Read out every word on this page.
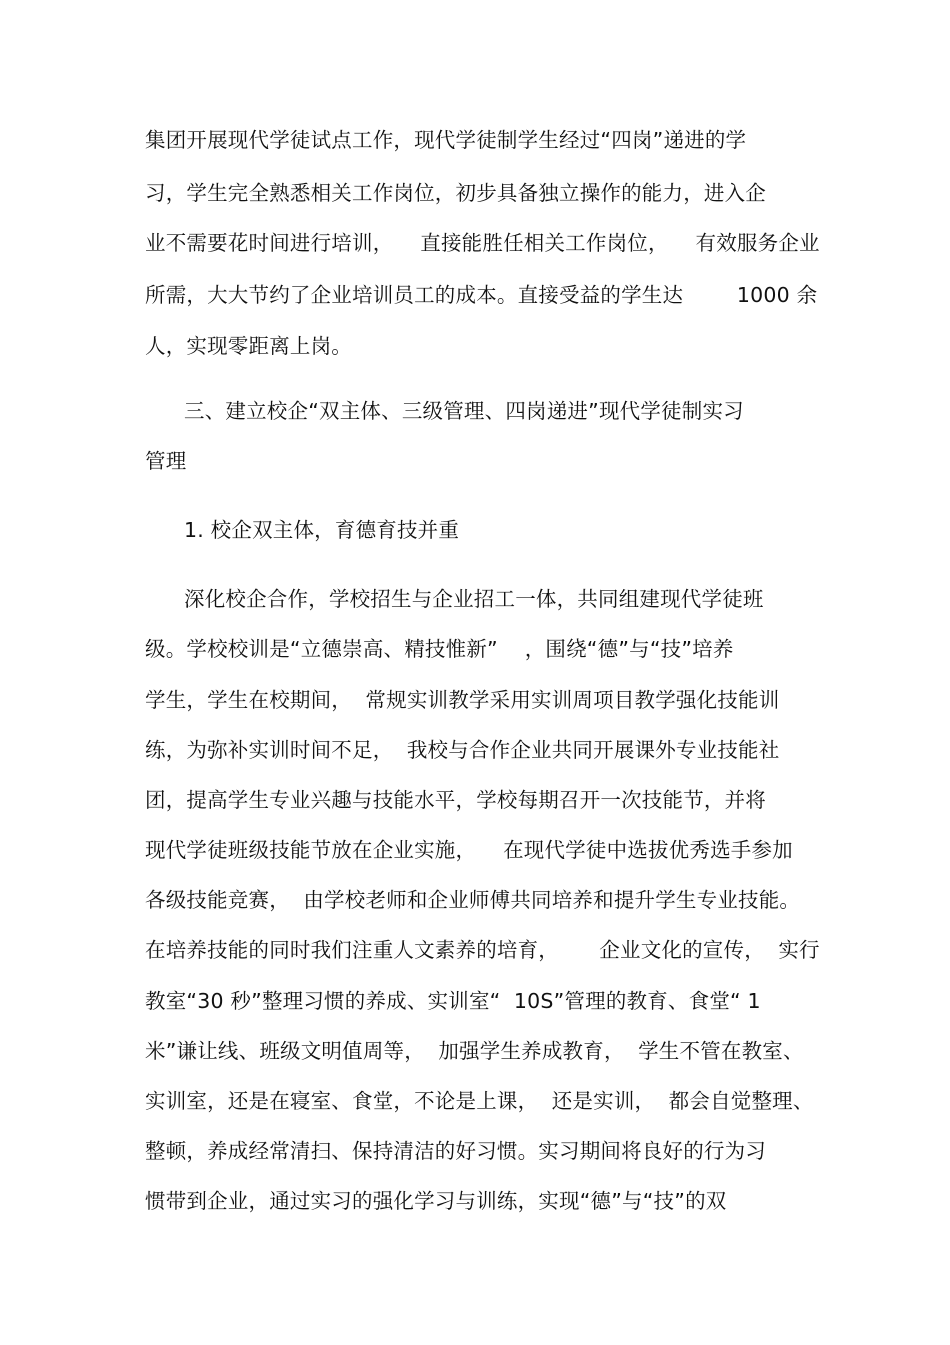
集团开展现代学徒试点工作，现代学徒制学生经过“四岗”递进的学
习，学生完全熟悉相关工作岗位，初步具备独立操作的能力，进入企
业不需要花时间进行培训，    直接能胜任相关工作岗位，    有效服务企业
所需，大大节约了企业培训员工的成本。直接受益的学生达        1000 余
人，实现零距离上岗。
三、建立校企“双主体、三级管理、四岗递进”现代学徒制实习
管理
1. 校企双主体，育德育技并重
深化校企合作，学校招生与企业招工一体，共同组建现代学徒班
级。学校校训是“立德崇高、精技惟新”    ，围绕“德”与“技”培养
学生，学生在校期间，  常规实训教学采用实训周项目教学强化技能训
练，为弥补实训时间不足，  我校与合作企业共同开展课外专业技能社
团，提高学生专业兴趣与技能水平，学校每期召开一次技能节，并将
现代学徒班级技能节放在企业实施，    在现代学徒中选拔优秀选手参加
各级技能竞赛，  由学校老师和企业师傅共同培养和提升学生专业技能。
在培养技能的同时我们注重人文素养的培育，      企业文化的宣传，  实行
教室“30 秒”整理习惯的养成、实训室“  10S”管理的教育、食堂“ 1
米”谦让线、班级文明值周等，  加强学生养成教育，  学生不管在教室、
实训室，还是在寝室、食堂，不论是上课，  还是实训，  都会自觉整理、
整顿，养成经常清扫、保持清洁的好习惯。实习期间将良好的行为习
惯带到企业，通过实习的强化学习与训练，实现“德”与“技”的双
